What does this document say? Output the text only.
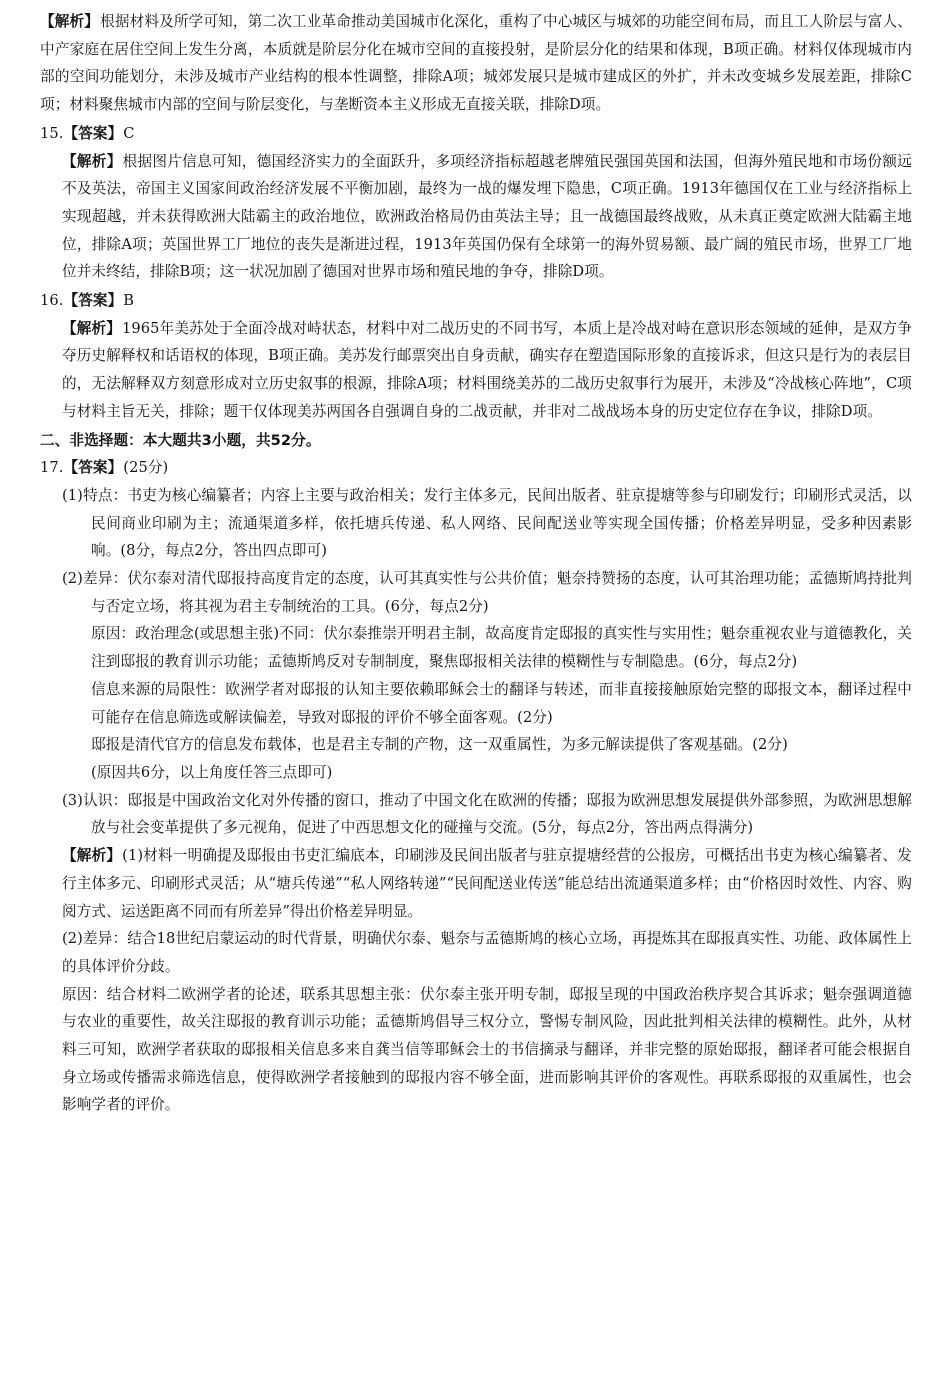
【解析】根据材料及所学可知，第二次工业革命推动美国城市化深化，重构了中心城区与城郊的功能空间布局，而且工人阶层与富人、中产家庭在居住空间上发生分离，本质就是阶层分化在城市空间的直接投射，是阶层分化的结果和体现，B项正确。材料仅体现城市内部的空间功能划分，未涉及城市产业结构的根本性调整，排除A项；城郊发展只是城市建成区的外扩，并未改变城乡发展差距，排除C项；材料聚焦城市内部的空间与阶层变化，与垄断资本主义形成无直接关联，排除D项。

15.【答案】C

【解析】根据图片信息可知，德国经济实力的全面跃升，多项经济指标超越老牌殖民强国英国和法国，但海外殖民地和市场份额远不及英法，帝国主义国家间政治经济发展不平衡加剧，最终为一战的爆发埋下隐患，C项正确。1913年德国仅在工业与经济指标上实现超越，并未获得欧洲大陆霸主的政治地位，欧洲政治格局仍由英法主导；且一战德国最终战败，从未真正奠定欧洲大陆霸主地位，排除A项；英国世界工厂地位的丧失是渐进过程，1913年英国仍保有全球第一的海外贸易额、最广阔的殖民市场，世界工厂地位并未终结，排除B项；这一状况加剧了德国对世界市场和殖民地的争夺，排除D项。

16.【答案】B

【解析】1965年美苏处于全面冷战对峙状态，材料中对二战历史的不同书写，本质上是冷战对峙在意识形态领域的延伸，是双方争夺历史解释权和话语权的体现，B项正确。美苏发行邮票突出自身贡献，确实存在塑造国际形象的直接诉求，但这只是行为的表层目的，无法解释双方刻意形成对立历史叙事的根源，排除A项；材料围绕美苏的二战历史叙事行为展开，未涉及“冷战核心阵地”，C项与材料主旨无关，排除；题干仅体现美苏两国各自强调自身的二战贡献，并非对二战战场本身的历史定位存在争议，排除D项。

二、非选择题：本大题共3小题，共52分。

17.【答案】(25分)

(1)特点：书吏为核心编纂者；内容上主要与政治相关；发行主体多元，民间出版者、驻京提塘等参与印刷发行；印刷形式灵活，以民间商业印刷为主；流通渠道多样，依托塘兵传递、私人网络、民间配送业等实现全国传播；价格差异明显，受多种因素影响。(8分，每点2分，答出四点即可)

(2)差异：伏尔泰对清代邸报持高度肯定的态度，认可其真实性与公共价值；魁奈持赞扬的态度，认可其治理功能；孟德斯鸠持批判与否定立场，将其视为君主专制统治的工具。(6分，每点2分)

原因：政治理念(或思想主张)不同：伏尔泰推崇开明君主制，故高度肯定邸报的真实性与实用性；魁奈重视农业与道德教化，关注到邸报的教育训示功能；孟德斯鸠反对专制制度，聚焦邸报相关法律的模糊性与专制隐患。(6分，每点2分)

信息来源的局限性：欧洲学者对邸报的认知主要依赖耶稣会士的翻译与转述，而非直接接触原始完整的邸报文本，翻译过程中可能存在信息筛选或解读偏差，导致对邸报的评价不够全面客观。(2分)

邸报是清代官方的信息发布载体，也是君主专制的产物，这一双重属性，为多元解读提供了客观基础。(2分)

(原因共6分，以上角度任答三点即可)

(3)认识：邸报是中国政治文化对外传播的窗口，推动了中国文化在欧洲的传播；邸报为欧洲思想发展提供外部参照，为欧洲思想解放与社会变革提供了多元视角，促进了中西思想文化的碰撞与交流。(5分，每点2分，答出两点得满分)

【解析】(1)材料一明确提及邸报由书吏汇编底本，印刷涉及民间出版者与驻京提塘经营的公报房，可概括出书吏为核心编纂者、发行主体多元、印刷形式灵活；从“塘兵传递”“私人网络转递”“民间配送业传送”能总结出流通渠道多样；由“价格因时效性、内容、购阅方式、运送距离不同而有所差异”得出价格差异明显。

(2)差异：结合18世纪启蒙运动的时代背景，明确伏尔泰、魁奈与孟德斯鸠的核心立场，再提炼其在邸报真实性、功能、政体属性上的具体评价分歧。

原因：结合材料二欧洲学者的论述，联系其思想主张：伏尔泰主张开明专制，邸报呈现的中国政治秩序契合其诉求；魁奈强调道德与农业的重要性，故关注邸报的教育训示功能；孟德斯鸠倡导三权分立，警惕专制风险，因此批判相关法律的模糊性。此外，从材料三可知，欧洲学者获取的邸报相关信息多来自龚当信等耶稣会士的书信摘录与翻译，并非完整的原始邸报，翻译者可能会根据自身立场或传播需求筛选信息，使得欧洲学者接触到的邸报内容不够全面，进而影响其评价的客观性。再联系邸报的双重属性，也会影响学者的评价。
